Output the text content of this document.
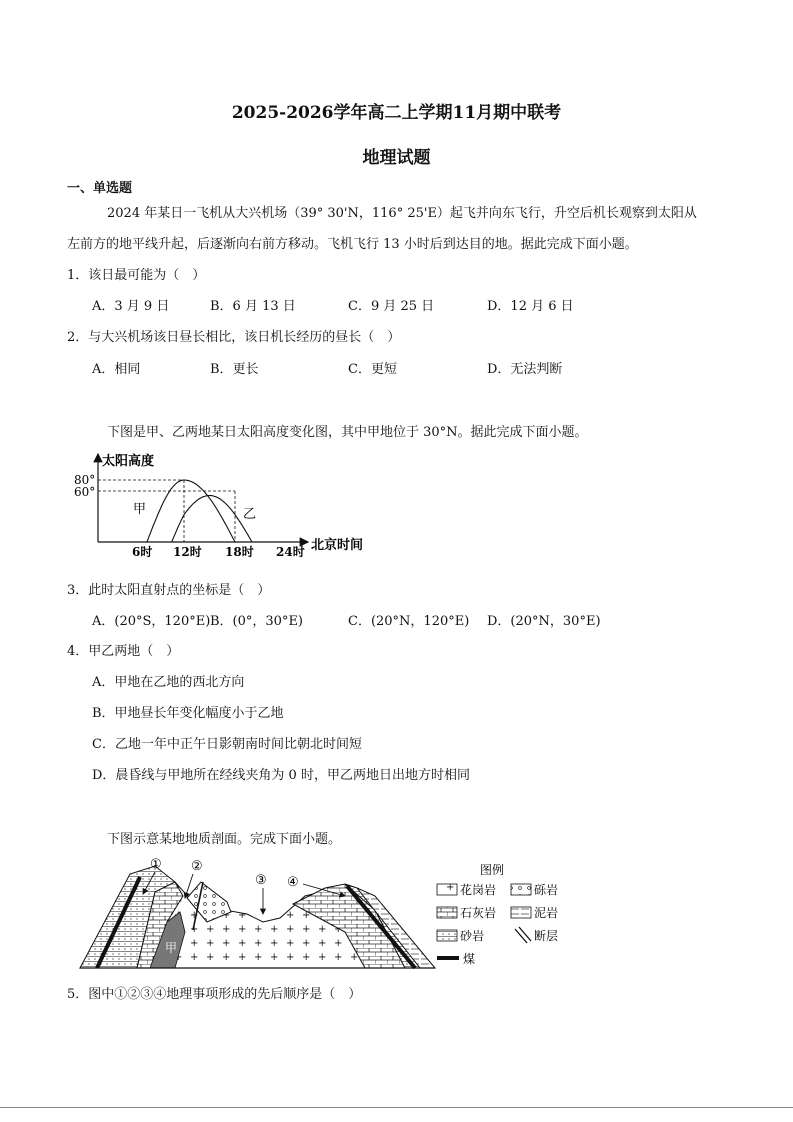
2025-2026学年高二上学期11月期中联考
地理试题
一、单选题
2024 年某日一飞机从大兴机场（39° 30'N，116° 25'E）起飞并向东飞行，升空后机长观察到太阳从
左前方的地平线升起，后逐渐向右前方移动。飞机飞行 13 小时后到达目的地。据此完成下面小题。
1．该日最可能为（　）
A．3 月 9 日	B．6 月 13 日	C．9 月 25 日	D．12 月 6 日
2．与大兴机场该日昼长相比，该日机长经历的昼长（　）
A．相同	B．更长	C．更短	D．无法判断
下图是甲、乙两地某日太阳高度变化图，其中甲地位于 30°N。据此完成下面小题。
太阳高度
80°
60°
6时 12时 18时 24时 北京时间
甲	乙
3．此时太阳直射点的坐标是（　）
A．(20°S，120°E) B．(0°，30°E)	C．(20°N，120°E) D．(20°N，30°E)
4．甲乙两地（　）
A．甲地在乙地的西北方向
B．甲地昼长年变化幅度小于乙地
C．乙地一年中正午日影朝南时间比朝北时间短
D．晨昏线与甲地所在经线夹角为 0 时，甲乙两地日出地方时相同
下图示意某地地质剖面。完成下面小题。
甲
① ②
③ ④
图例
花岗岩	砾岩
石灰岩	泥岩
砂岩	断层
煤
5．图中①②③④地理事项形成的先后顺序是（　）
